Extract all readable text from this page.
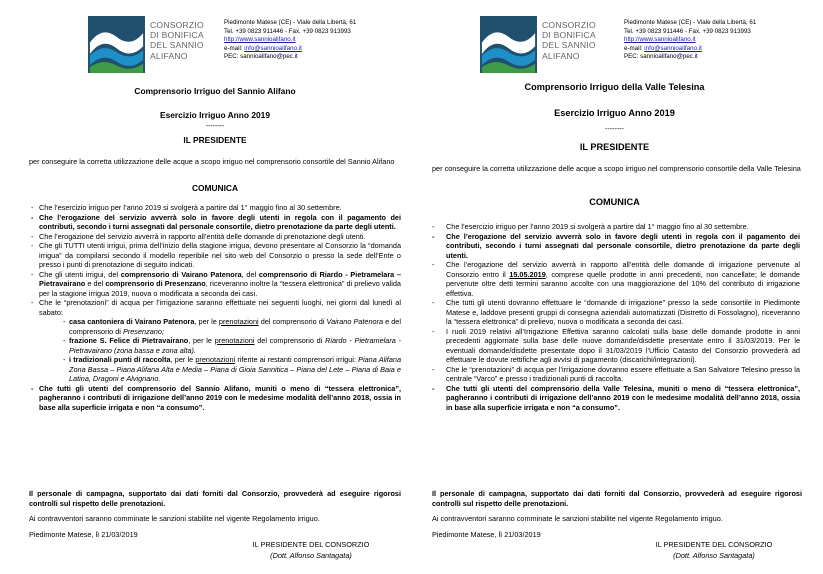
CONSORZIO
DI BONIFICA
DEL SANNIO
ALIFANO
Piedimonte Matese (CE) - Viale della Libertà, 61
Tel. +39 0823 911446 - Fax. +39 0823 913993
http://www.sannioalifano.it
e-mail: info@sannioalifano.it
PEC: sannioalifano@pec.it
Comprensorio Irriguo del Sannio Alifano
Esercizio Irriguo Anno 2019
--------
IL PRESIDENTE
per conseguire la corretta utilizzazione delle acque a scopo irriguo nel comprensorio consortile del Sannio Alifano
COMUNICA
- Che l’esercizio irriguo per l’anno 2019 si svolgerà a partire dal 1° maggio fino al 30 settembre.
- Che l’erogazione del servizio avverrà solo in favore degli utenti in regola con il pagamento dei contributi, secondo i turni assegnati dal personale consortile, dietro prenotazione da parte degli utenti.
- Che l’erogazione del servizio avverrà in rapporto all’entità delle domande di prenotazione degli utenti.
- Che gli TUTTI utenti irrigui, prima dell’inizio della stagione irrigua, devono presentare al Consorzio la “domanda irrigua” da compilarsi secondo il modello reperibile nel sito web del Consorzio o presso la sede dell’Ente o presso i punti di prenotazione di seguito indicati.
- Che gli utenti irrigui, del comprensorio di Vairano Patenora, del comprensorio di Riardo - Pietramelara – Pietravairano e del comprensorio di Presenzano, riceveranno inoltre la “tessera elettronica” di prelievo valida per la stagione irrigua 2019, nuova o modificata a seconda dei casi.
- Che le “prenotazioni” di acqua per l’irrigazione saranno effettuate nei seguenti luoghi, nei giorni dal lunedì al sabato:
- casa cantoniera di Vairano Patenora, per le prenotazioni del comprensorio di Vairano Patenora e del comprensorio di Presenzano;
- frazione S. Felice di Pietravairano, per le prenotazioni del comprensorio di Riardo - Pietramelara - Pietravairano (zona bassa e zona alta).
- i tradizionali punti di raccolta, per le prenotazioni riferite ai restanti comprensori irrigui: Piana Alifana Zona Bassa – Piana Alifana Alta e Media – Piana di Gioia Sannitica – Piana del Lete – Piana di Baia e Latina, Dragoni e Alvignano.
- Che tutti gli utenti del comprensorio del Sannio Alifano, muniti o meno di “tessera elettronica”, pagheranno i contributi di irrigazione dell’anno 2019 con le medesime modalità dell’anno 2018, ossia in base alla superficie irrigata e non “a consumo”.
Il personale di campagna, supportato dai dati forniti dal Consorzio, provvederà ad eseguire rigorosi controlli sul rispetto delle prenotazioni.
Ai contravventori saranno comminate le sanzioni stabilite nel vigente Regolamento irriguo.
Piedimonte Matese, lì 21/03/2019
IL PRESIDENTE DEL CONSORZIO
(Dott. Alfonso Santagata)
CONSORZIO
DI BONIFICA
DEL SANNIO
ALIFANO
Piedimonte Matese (CE) - Viale della Libertà, 61
Tel. +39 0823 911446 - Fax. +39 0823 913993
http://www.sannioalifano.it
e-mail: info@sannioalifano.it
PEC: sannioalifano@pec.it
Comprensorio Irriguo della Valle Telesina
Esercizio Irriguo Anno 2019
--------
IL PRESIDENTE
per conseguire la corretta utilizzazione delle acque a scopo irriguo nel comprensorio consortile della Valle Telesina
COMUNICA
- Che l’esercizio irriguo per l’anno 2019 si svolgerà a partire dal 1° maggio fino al 30 settembre.
- Che l’erogazione del servizio avverrà solo in favore degli utenti in regola con il pagamento dei contributi, secondo i turni assegnati dal personale consortile, dietro prenotazione da parte degli utenti.
- Che l’erogazione del servizio avverrà in rapporto all’entità delle domande di irrigazione pervenute al Consorzio entro il 15.05.2019, comprese quelle prodotte in anni precedenti, non cancellate; le domande pervenute oltre detti termini saranno accolte con una maggiorazione del 10% del contributo di irrigazione effettiva.
- Che tutti gli utenti dovranno effettuare le “domande di irrigazione” presso la sede consortile in Piedimonte Matese e, laddove presenti gruppi di consegna aziendali automatizzati (Distretto di Fossolagno), riceveranno la “tessera elettronica” di prelievo, nuova o modificata a seconda dei casi.
- I ruoli 2019 relativi all’Irrigazione Effettiva saranno calcolati sulla base delle domande prodotte in anni precedenti aggiornate sulla base delle nuove domande/disdette presentate entro il 31/03/2019. Per le eventuali domande/disdette presentate dopo il 31/03/2019 l’Ufficio Catasto del Consorzio provvederà ad effettuare le dovute rettifiche agli avvisi di pagamento (discarichi/integrazioni).
- Che le “prenotazioni” di acqua per l’irrigazione dovranno essere effettuate a San Salvatore Telesino presso la centrale “Varco” e presso i tradizionali punti di raccolta.
- Che tutti gli utenti del comprensorio della Valle Telesina, muniti o meno di “tessera elettronica”, pagheranno i contributi di irrigazione dell’anno 2019 con le medesime modalità dell’anno 2018, ossia in base alla superficie irrigata e non “a consumo”.
Il personale di campagna, supportato dai dati forniti dal Consorzio, provvederà ad eseguire rigorosi controlli sul rispetto delle prenotazioni.
Ai contravventori saranno comminate le sanzioni stabilite nel vigente Regolamento irriguo.
Piedimonte Matese, lì 21/03/2019
IL PRESIDENTE DEL CONSORZIO
(Dott. Alfonso Santagata)
